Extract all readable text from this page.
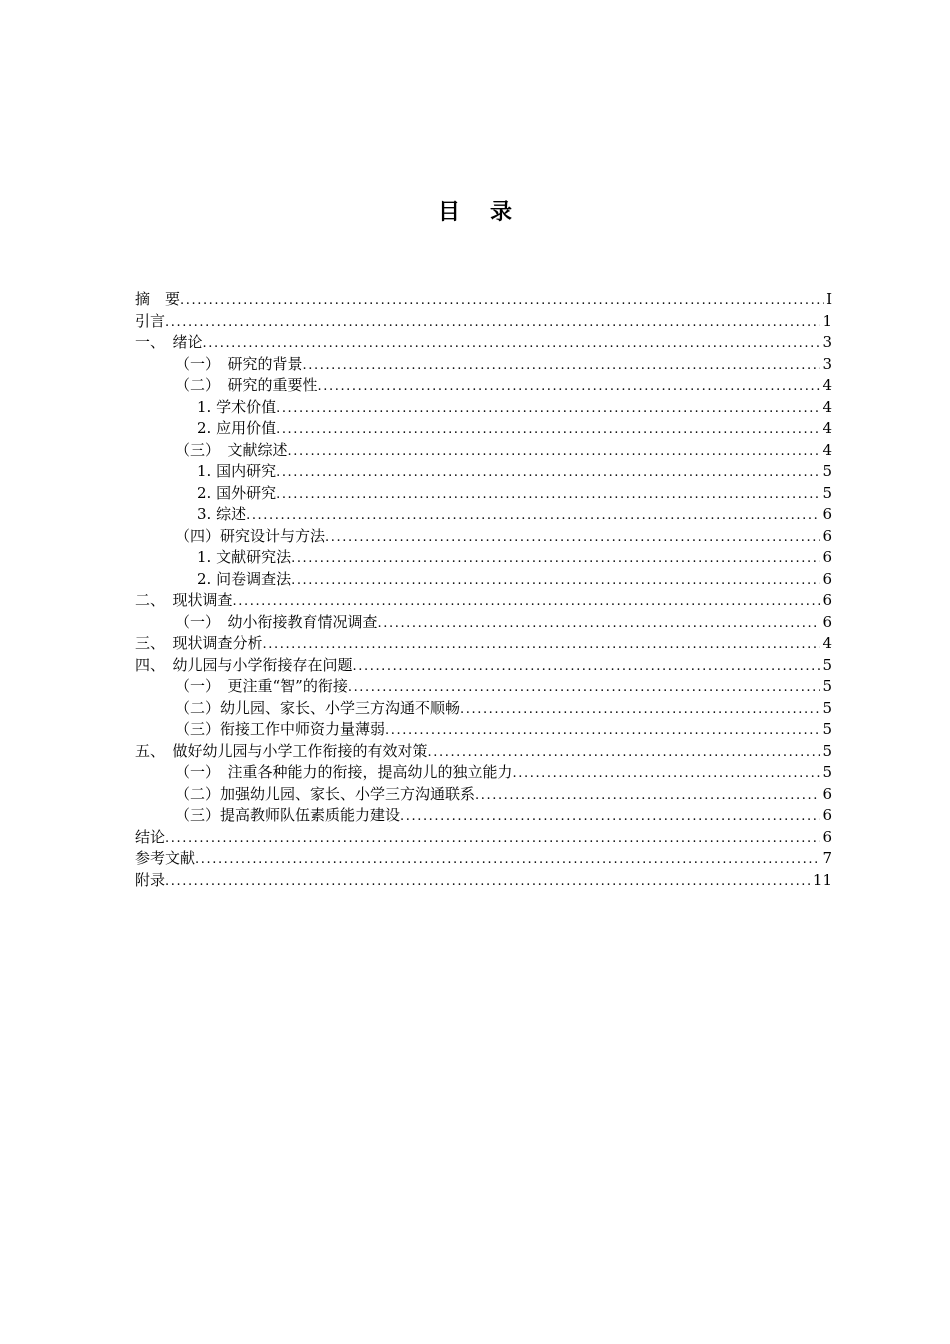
目 录
摘　要 .....	I
引言 .....	1
一、　绪论 .....	3
（一）　研究的背景 .....	3
（二）　研究的重要性 .....	4
1. 学术价值 .....	4
2. 应用价值 .....	4
（三）　文献综述 .....	4
1. 国内研究 .....	5
2. 国外研究 .....	5
3. 综述 .....	6
（四）研究设计与方法 .....	6
1. 文献研究法 .....	6
2. 问卷调查法 .....	6
二、　现状调查 .....	6
（一）　幼小衔接教育情况调查 .....	6
三、　现状调查分析 .....	4
四、　幼儿园与小学衔接存在问题 .....	5
（一）　更注重“智”的衔接 .....	5
（二）幼儿园、家长、小学三方沟通不顺畅 .....	5
（三）衔接工作中师资力量薄弱 .....	5
五、　做好幼儿园与小学工作衔接的有效对策 .....	5
（一）　注重各种能力的衔接，提高幼儿的独立能力 .....	5
（二）加强幼儿园、家长、小学三方沟通联系 .....	6
（三）提高教师队伍素质能力建设 .....	6
结论 .....	6
参考文献 .....	7
附录 .....	11
